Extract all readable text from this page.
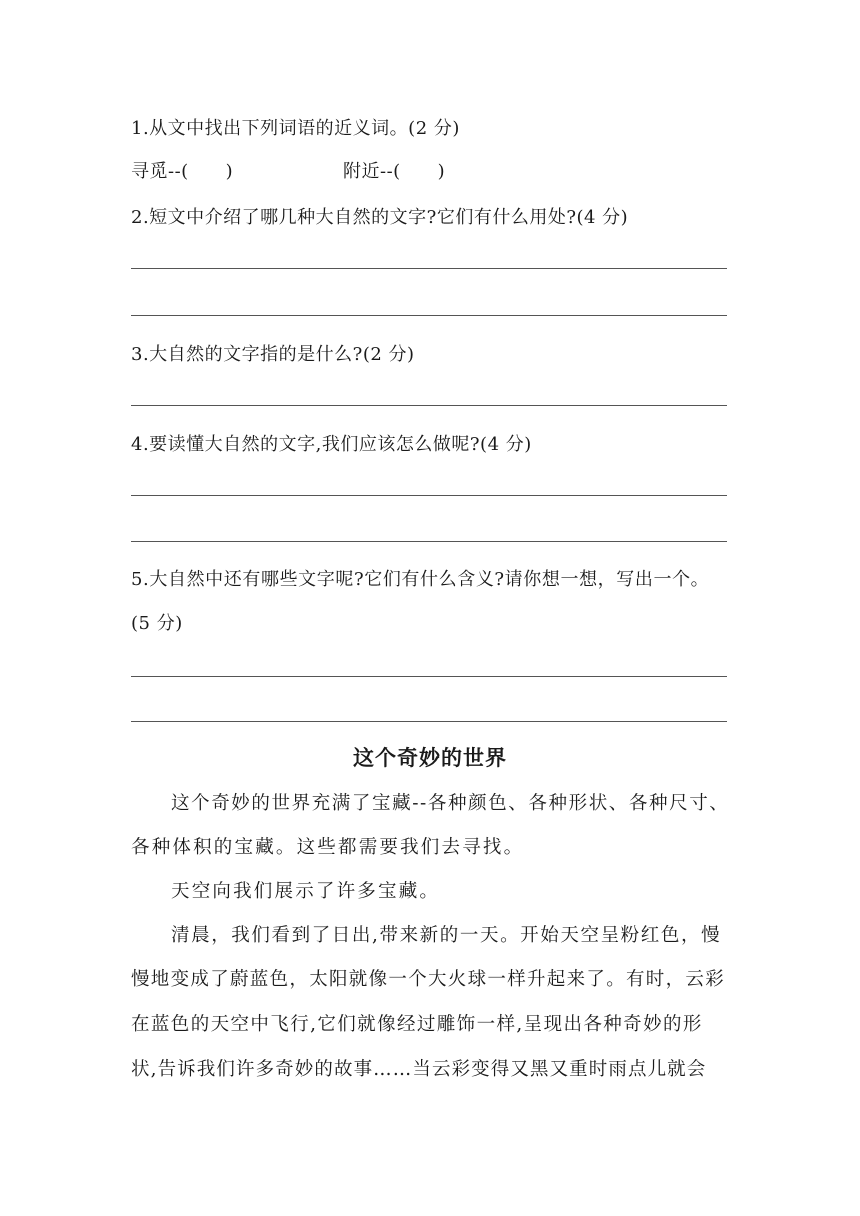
1.从文中找出下列词语的近义词。(2 分)
寻觅--(　　)	附近--(　　)
2.短文中介绍了哪几种大自然的文字?它们有什么用处?(4 分)
3.大自然的文字指的是什么?(2 分)
4.要读懂大自然的文字,我们应该怎么做呢?(4 分)
5.大自然中还有哪些文字呢?它们有什么含义?请你想一想，写出一个。
(5 分)
这个奇妙的世界
这个奇妙的世界充满了宝藏--各种颜色、各种形状、各种尺寸、
各种体积的宝藏。这些都需要我们去寻找。
天空向我们展示了许多宝藏。
清晨，我们看到了日出,带来新的一天。开始天空呈粉红色，慢
慢地变成了蔚蓝色，太阳就像一个大火球一样升起来了。有时，云彩
在蓝色的天空中飞行,它们就像经过雕饰一样,呈现出各种奇妙的形
状,告诉我们许多奇妙的故事……当云彩变得又黑又重时雨点儿就会
